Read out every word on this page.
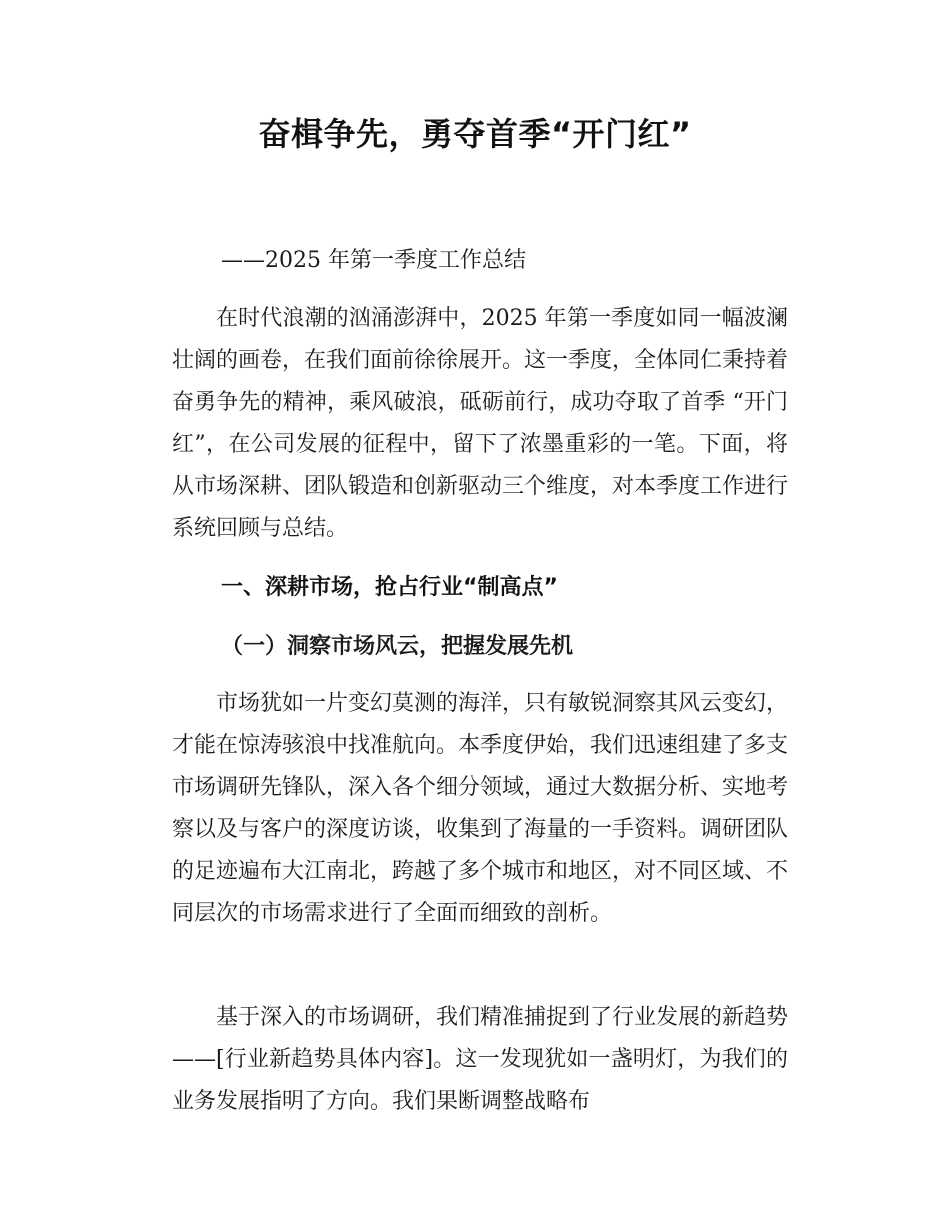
奋楫争先，勇夺首季“开门红”

——2025 年第一季度工作总结

在时代浪潮的汹涌澎湃中，2025 年第一季度如同一幅波澜壮阔的画卷，在我们面前徐徐展开。这一季度，全体同仁秉持着奋勇争先的精神，乘风破浪，砥砺前行，成功夺取了首季 “开门红”，在公司发展的征程中，留下了浓墨重彩的一笔。下面，将从市场深耕、团队锻造和创新驱动三个维度，对本季度工作进行系统回顾与总结。

一、深耕市场，抢占行业“制高点”
（一）洞察市场风云，把握发展先机

市场犹如一片变幻莫测的海洋，只有敏锐洞察其风云变幻，才能在惊涛骇浪中找准航向。本季度伊始，我们迅速组建了多支市场调研先锋队，深入各个细分领域，通过大数据分析、实地考察以及与客户的深度访谈，收集到了海量的一手资料。调研团队的足迹遍布大江南北，跨越了多个城市和地区，对不同区域、不同层次的市场需求进行了全面而细致的剖析。

基于深入的市场调研，我们精准捕捉到了行业发展的新趋势——[行业新趋势具体内容]。这一发现犹如一盏明灯，为我们的业务发展指明了方向。我们果断调整战略布
